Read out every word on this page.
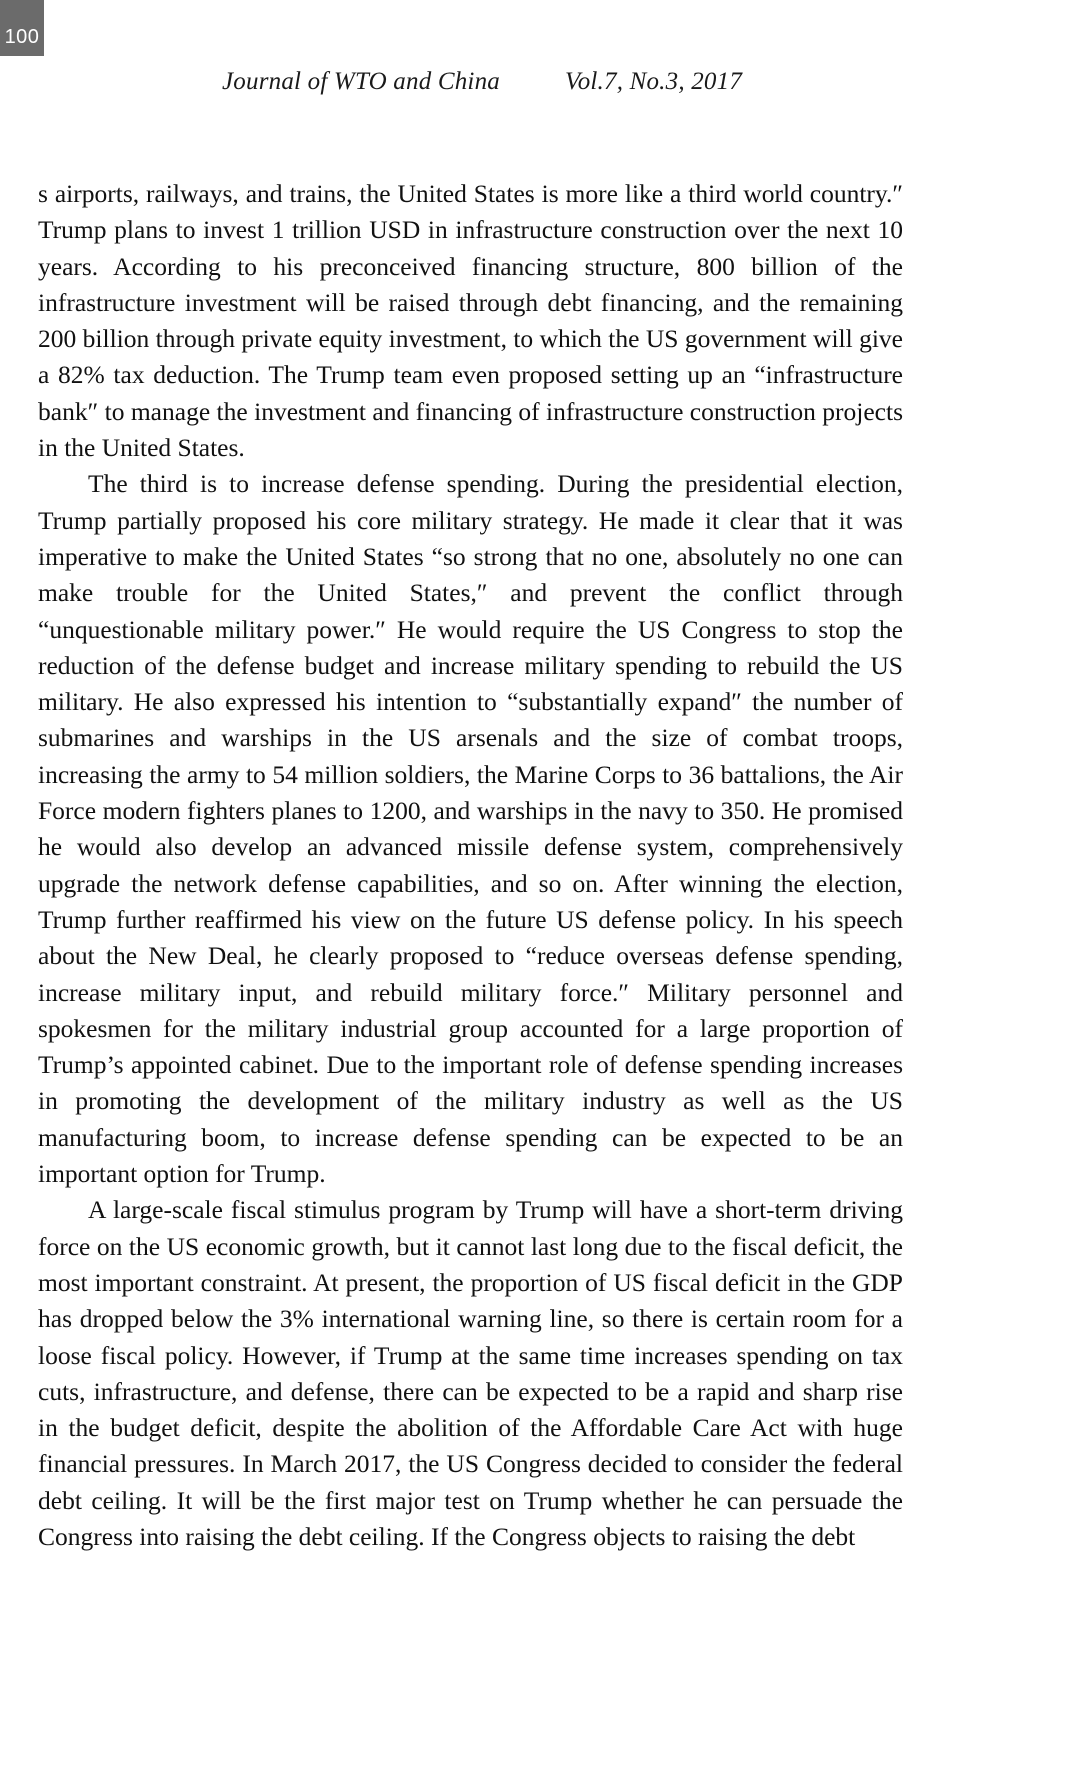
100
Journal of WTO and China	Vol.7, No.3, 2017

s airports, railways, and trains, the United States is more like a third world country.″ Trump plans to invest 1 trillion USD in infrastructure construction over the next 10 years. According to his preconceived financing structure, 800 billion of the infrastructure investment will be raised through debt financing, and the remaining 200 billion through private equity investment, to which the US government will give a 82% tax deduction. The Trump team even proposed setting up an “infrastructure bank″ to manage the investment and financing of infrastructure construction projects in the United States.

The third is to increase defense spending. During the presidential election, Trump partially proposed his core military strategy. He made it clear that it was imperative to make the United States “so strong that no one, absolutely no one can make trouble for the United States,″ and prevent the conflict through “unquestionable military power.″ He would require the US Congress to stop the reduction of the defense budget and increase military spending to rebuild the US military. He also expressed his intention to “substantially expand″ the number of submarines and warships in the US arsenals and the size of combat troops, increasing the army to 54 million soldiers, the Marine Corps to 36 battalions, the Air Force modern fighters planes to 1200, and warships in the navy to 350. He promised he would also develop an advanced missile defense system, comprehensively upgrade the network defense capabilities, and so on. After winning the election, Trump further reaffirmed his view on the future US defense policy. In his speech about the New Deal, he clearly proposed to “reduce overseas defense spending, increase military input, and rebuild military force.″ Military personnel and spokesmen for the military industrial group accounted for a large proportion of Trump’s appointed cabinet. Due to the important role of defense spending increases in promoting the development of the military industry as well as the US manufacturing boom, to increase defense spending can be expected to be an important option for Trump.

A large-scale fiscal stimulus program by Trump will have a short-term driving force on the US economic growth, but it cannot last long due to the fiscal deficit, the most important constraint. At present, the proportion of US fiscal deficit in the GDP has dropped below the 3% international warning line, so there is certain room for a loose fiscal policy. However, if Trump at the same time increases spending on tax cuts, infrastructure, and defense, there can be expected to be a rapid and sharp rise in the budget deficit, despite the abolition of the Affordable Care Act with huge financial pressures. In March 2017, the US Congress decided to consider the federal debt ceiling. It will be the first major test on Trump whether he can persuade the Congress into raising the debt ceiling. If the Congress objects to raising the debt
